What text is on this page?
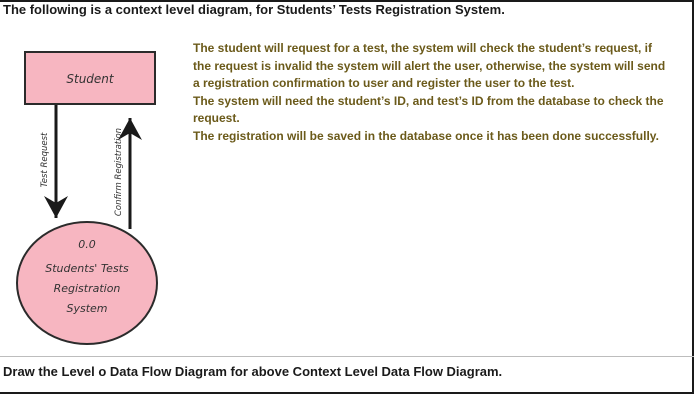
The following is a context level diagram, for Students’ Tests Registration System.
Student
Test Request	Confirm Registration
0.0
Students' Tests
Registration
System

The student will request for a test, the system will check the student’s request, if the request is invalid the system will alert the user, otherwise, the system will send a registration confirmation to user and register the user to the test.

The system will need the student’s ID, and test’s ID from the database to check the request.

The registration will be saved in the database once it has been done successfully.

Draw the Level o Data Flow Diagram for above Context Level Data Flow Diagram.
